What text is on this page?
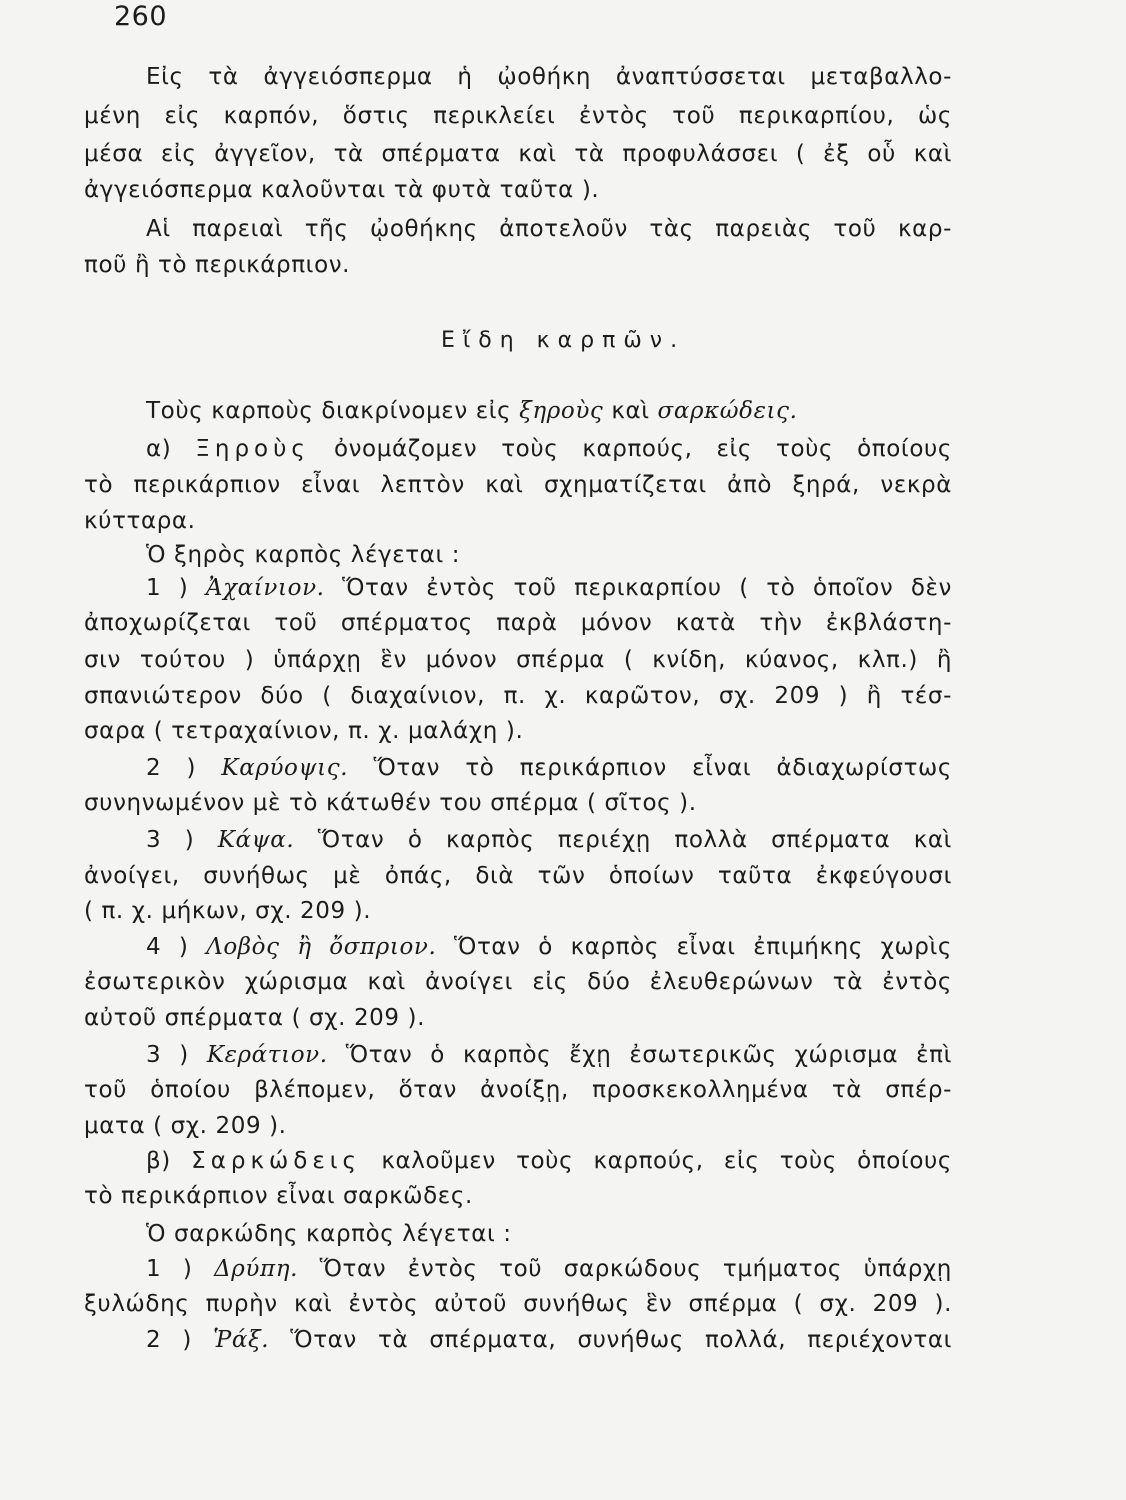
260
Εἰς τὰ ἀγγειόσπερμα ἡ ᾠοθήκη ἀναπτύσσεται μεταβαλλο-
μένη εἰς καρπόν, ὅστις περικλείει ἐντὸς τοῦ περικαρπίου, ὡς
μέσα εἰς ἀγγεῖον, τὰ σπέρματα καὶ τὰ προφυλάσσει ( ἐξ οὗ καὶ
ἀγγειόσπερμα καλοῦνται τὰ φυτὰ ταῦτα ).
Αἱ παρειαὶ τῆς ᾠοθήκης ἀποτελοῦν τὰς παρειὰς τοῦ καρ-
ποῦ ἢ τὸ περικάρπιον.
Εἴδη καρπῶν.
Τοὺς καρποὺς διακρίνομεν εἰς ξηροὺς καὶ σαρκώδεις.
α) Ξηροὺς ὀνομάζομεν τοὺς καρπούς, εἰς τοὺς ὁποίους
τὸ περικάρπιον εἶναι λεπτὸν καὶ σχηματίζεται ἀπὸ ξηρά, νεκρὰ
κύτταρα.
Ὁ ξηρὸς καρπὸς λέγεται :
1 ) Ἀχαίνιον. Ὅταν ἐντὸς τοῦ περικαρπίου ( τὸ ὁποῖον δὲν
ἀποχωρίζεται τοῦ σπέρματος παρὰ μόνον κατὰ τὴν ἐκβλάστη-
σιν τούτου ) ὑπάρχῃ ἓν μόνον σπέρμα ( κνίδη, κύανος, κλπ.) ἢ
σπανιώτερον δύο ( διαχαίνιον, π. χ. καρῶτον, σχ. 209 ) ἢ τέσ-
σαρα ( τετραχαίνιον, π. χ. μαλάχη ).
2 ) Καρύοψις. Ὅταν τὸ περικάρπιον εἶναι ἀδιαχωρίστως
συνηνωμένον μὲ τὸ κάτωθέν του σπέρμα ( σῖτος ).
3 ) Κάψα. Ὅταν ὁ καρπὸς περιέχῃ πολλὰ σπέρματα καὶ
ἀνοίγει, συνήθως μὲ ὀπάς, διὰ τῶν ὁποίων ταῦτα ἐκφεύγουσι
( π. χ. μήκων, σχ. 209 ).
4 ) Λοβὸς ἢ ὄσπριον. Ὅταν ὁ καρπὸς εἶναι ἐπιμήκης χωρὶς
ἐσωτερικὸν χώρισμα καὶ ἀνοίγει εἰς δύο ἐλευθερώνων τὰ ἐντὸς
αὐτοῦ σπέρματα ( σχ. 209 ).
3 ) Κεράτιον. Ὅταν ὁ καρπὸς ἔχῃ ἐσωτερικῶς χώρισμα ἐπὶ
τοῦ ὁποίου βλέπομεν, ὅταν ἀνοίξῃ, προσκεκολλημένα τὰ σπέρ-
ματα ( σχ. 209 ).
β) Σαρκώδεις καλοῦμεν τοὺς καρπούς, εἰς τοὺς ὁποίους
τὸ περικάρπιον εἶναι σαρκῶδες.
Ὁ σαρκώδης καρπὸς λέγεται :
1 ) Δρύπη. Ὅταν ἐντὸς τοῦ σαρκώδους τμήματος ὑπάρχῃ
ξυλώδης πυρὴν καὶ ἐντὸς αὐτοῦ συνήθως ἓν σπέρμα ( σχ. 209 ).
2 ) Ῥάξ. Ὅταν τὰ σπέρματα, συνήθως πολλά, περιέχονται
